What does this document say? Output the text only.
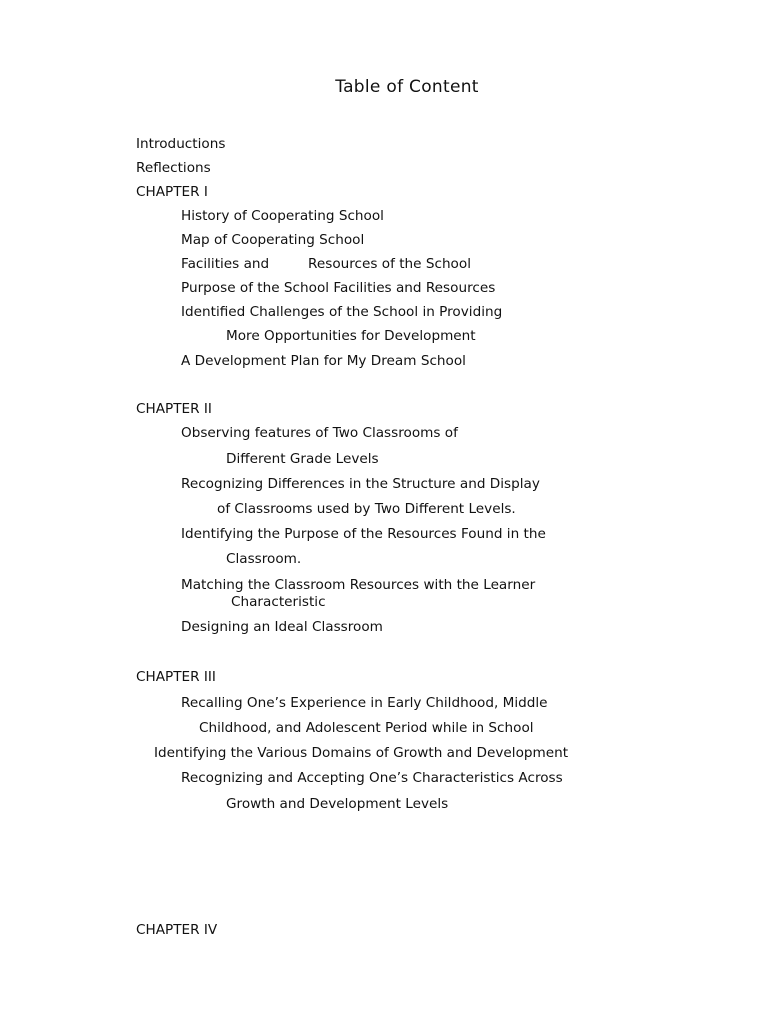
Table of Content
Introductions
Reflections
CHAPTER I
History of Cooperating School
Map of Cooperating School
Facilities and         Resources of the School
Purpose of the School Facilities and Resources
Identified Challenges of the School in Providing
More Opportunities for Development
A Development Plan for My Dream School
CHAPTER II
Observing features of Two Classrooms of
Different Grade Levels
Recognizing Differences in the Structure and Display
of Classrooms used by Two Different Levels.
Identifying the Purpose of the Resources Found in the
Classroom.
Matching the Classroom Resources with the Learner
Characteristic
Designing an Ideal Classroom
CHAPTER III
Recalling One’s Experience in Early Childhood, Middle
Childhood, and Adolescent Period while in School
Identifying the Various Domains of Growth and Development
Recognizing and Accepting One’s Characteristics Across
Growth and Development Levels
CHAPTER IV
